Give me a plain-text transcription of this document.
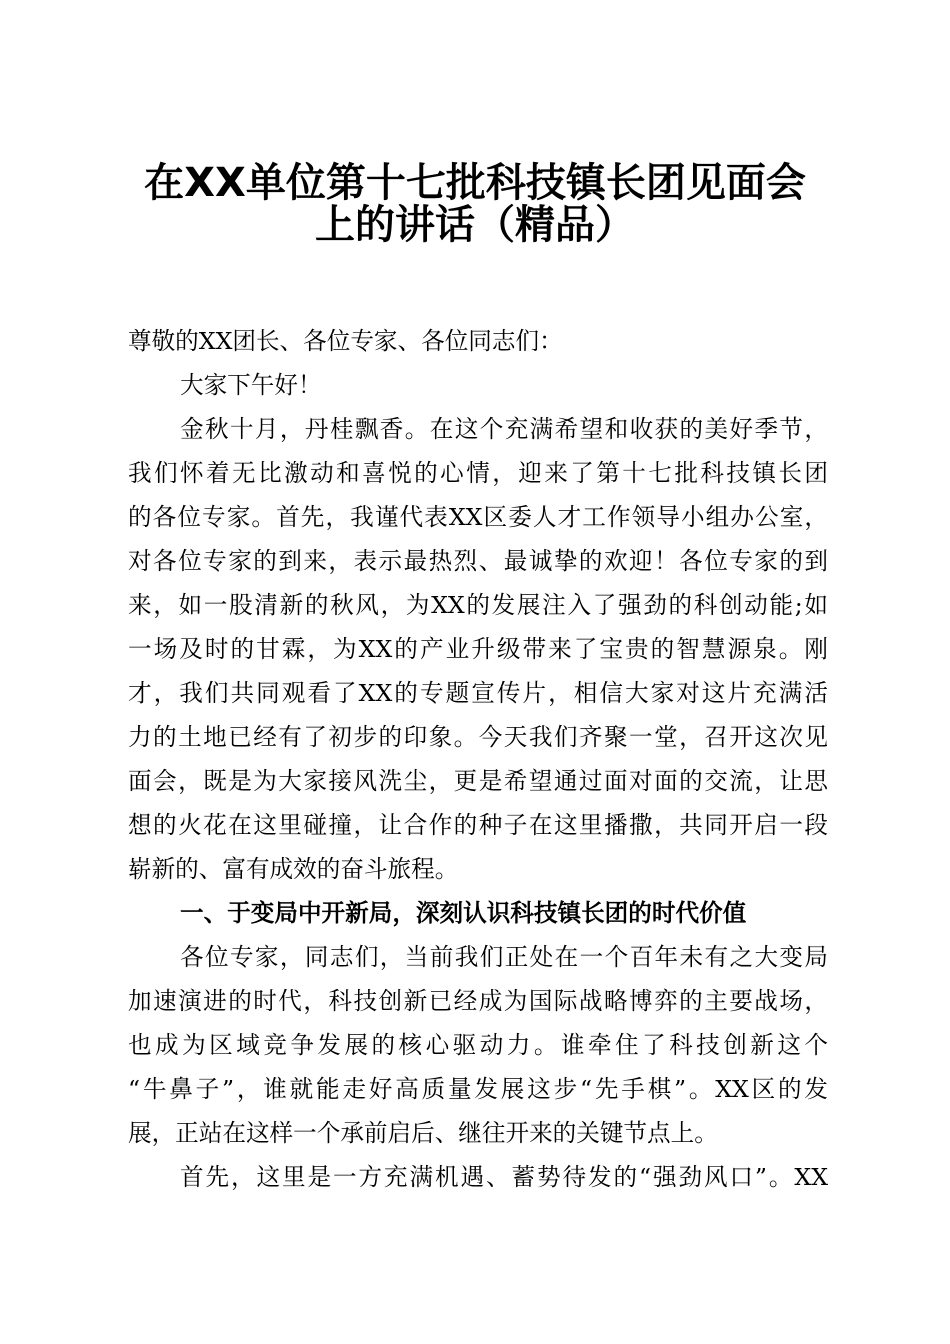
在XX单位第十七批科技镇长团见面会
上的讲话（精品）
尊敬的XX团长、各位专家、各位同志们：
大家下午好！
金秋十月，丹桂飘香。在这个充满希望和收获的美好季节，
我们怀着无比激动和喜悦的心情，迎来了第十七批科技镇长团
的各位专家。首先，我谨代表XX区委人才工作领导小组办公室，
对各位专家的到来，表示最热烈、最诚挚的欢迎！各位专家的到
来，如一股清新的秋风，为XX的发展注入了强劲的科创动能;如
一场及时的甘霖，为XX的产业升级带来了宝贵的智慧源泉。刚
才，我们共同观看了XX的专题宣传片，相信大家对这片充满活
力的土地已经有了初步的印象。今天我们齐聚一堂，召开这次见
面会，既是为大家接风洗尘，更是希望通过面对面的交流，让思
想的火花在这里碰撞，让合作的种子在这里播撒，共同开启一段
崭新的、富有成效的奋斗旅程。
一、于变局中开新局，深刻认识科技镇长团的时代价值
各位专家，同志们，当前我们正处在一个百年未有之大变局
加速演进的时代，科技创新已经成为国际战略博弈的主要战场，
也成为区域竞争发展的核心驱动力。谁牵住了科技创新这个
“牛鼻子”，谁就能走好高质量发展这步“先手棋”。XX区的发
展，正站在这样一个承前启后、继往开来的关键节点上。
首先，这里是一方充满机遇、蓄势待发的“强劲风口”。XX
